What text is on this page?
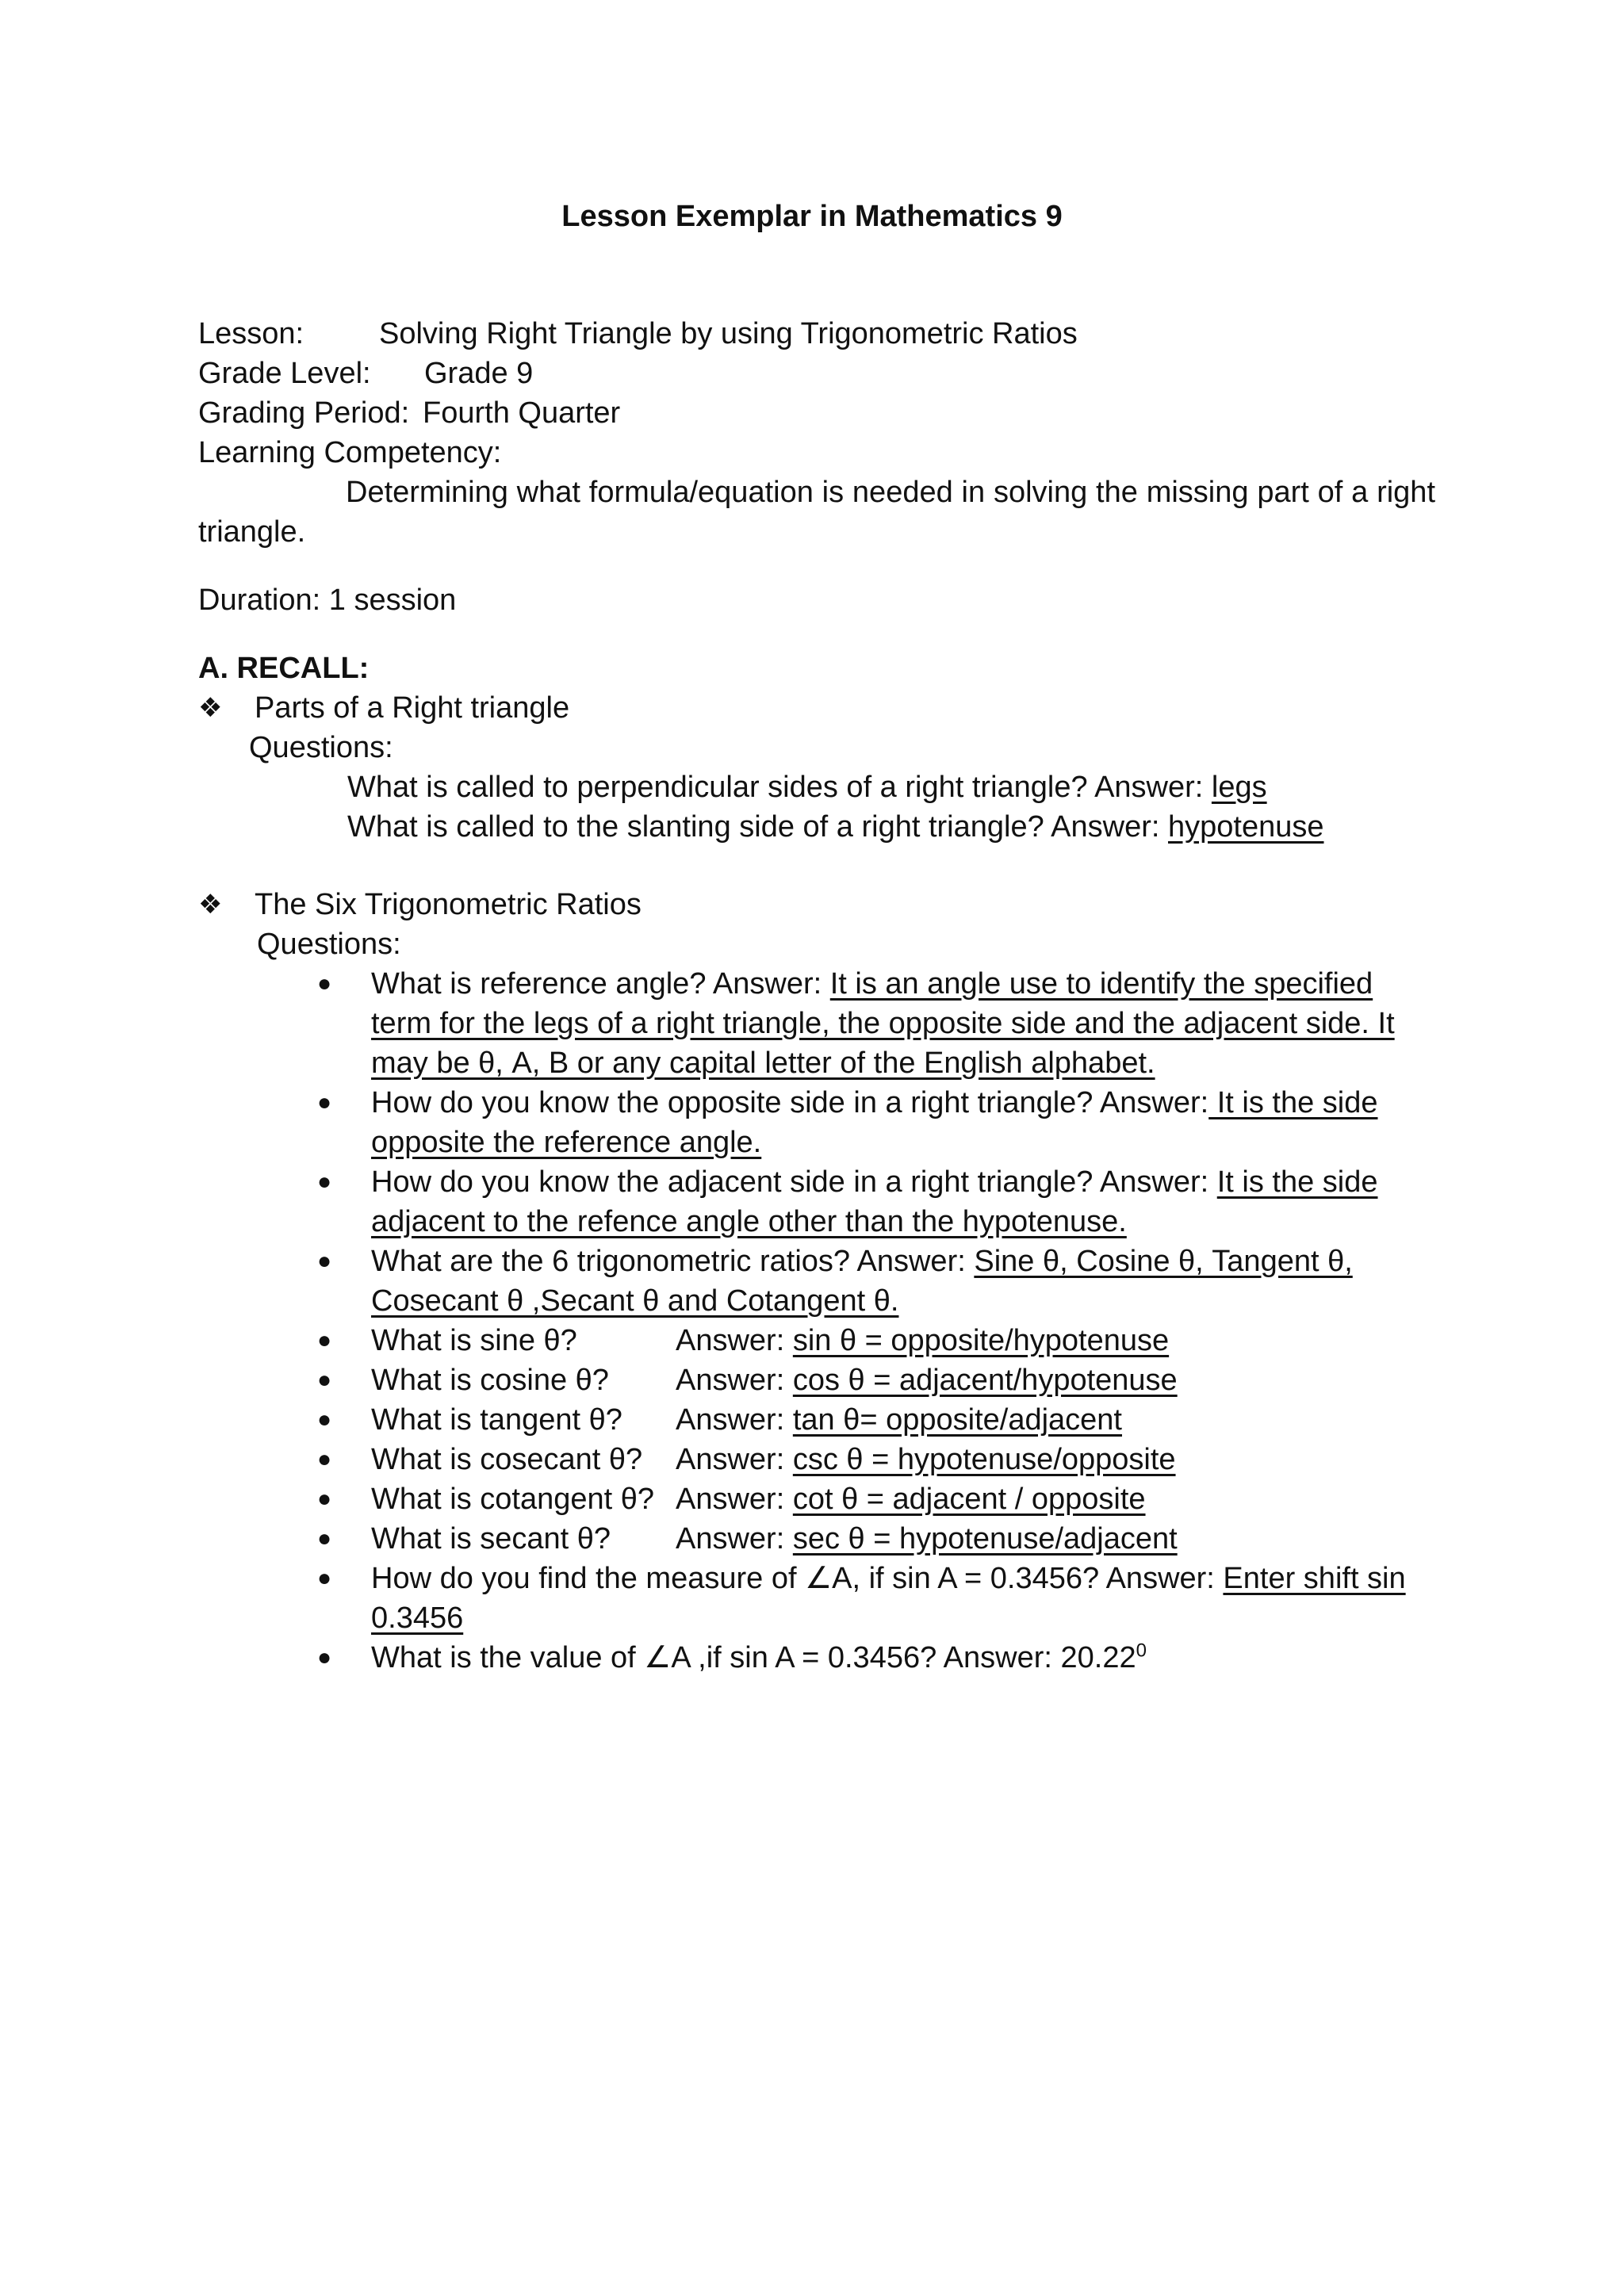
Lesson Exemplar in Mathematics 9
Lesson:	Solving Right Triangle by using Trigonometric Ratios
Grade Level:	Grade 9
Grading Period: Fourth Quarter
Learning Competency:
Determining what formula/equation is needed in solving the missing part of a right triangle.
Duration: 1 session
A. RECALL:
❖ Parts of a Right triangle
Questions:
What is called to perpendicular sides of a right triangle? Answer: legs
What is called to the slanting side of a right triangle? Answer: hypotenuse
❖ The Six Trigonometric Ratios
Questions:
● What is reference angle? Answer: It is an angle use to identify the specified term for the legs of a right triangle, the opposite side and the adjacent side. It may be θ, A, B or any capital letter of the English alphabet.
● How do you know the opposite side in a right triangle? Answer: It is the side opposite the reference angle.
● How do you know the adjacent side in a right triangle? Answer: It is the side adjacent to the refence angle other than the hypotenuse.
● What are the 6 trigonometric ratios? Answer: Sine θ, Cosine θ, Tangent θ, Cosecant θ ,Secant θ and Cotangent θ.
● What is sine θ?	Answer: sin θ = opposite/hypotenuse
● What is cosine θ? Answer: cos θ = adjacent/hypotenuse
● What is tangent θ? Answer: tan θ= opposite/adjacent
● What is cosecant θ? Answer: csc θ = hypotenuse/opposite
● What is cotangent θ? Answer: cot θ = adjacent / opposite
● What is secant θ? Answer: sec θ = hypotenuse/adjacent
● How do you find the measure of ∠A, if sin A = 0.3456? Answer: Enter shift sin 0.3456
● What is the value of ∠A ,if sin A = 0.3456? Answer: 20.22$^0$
